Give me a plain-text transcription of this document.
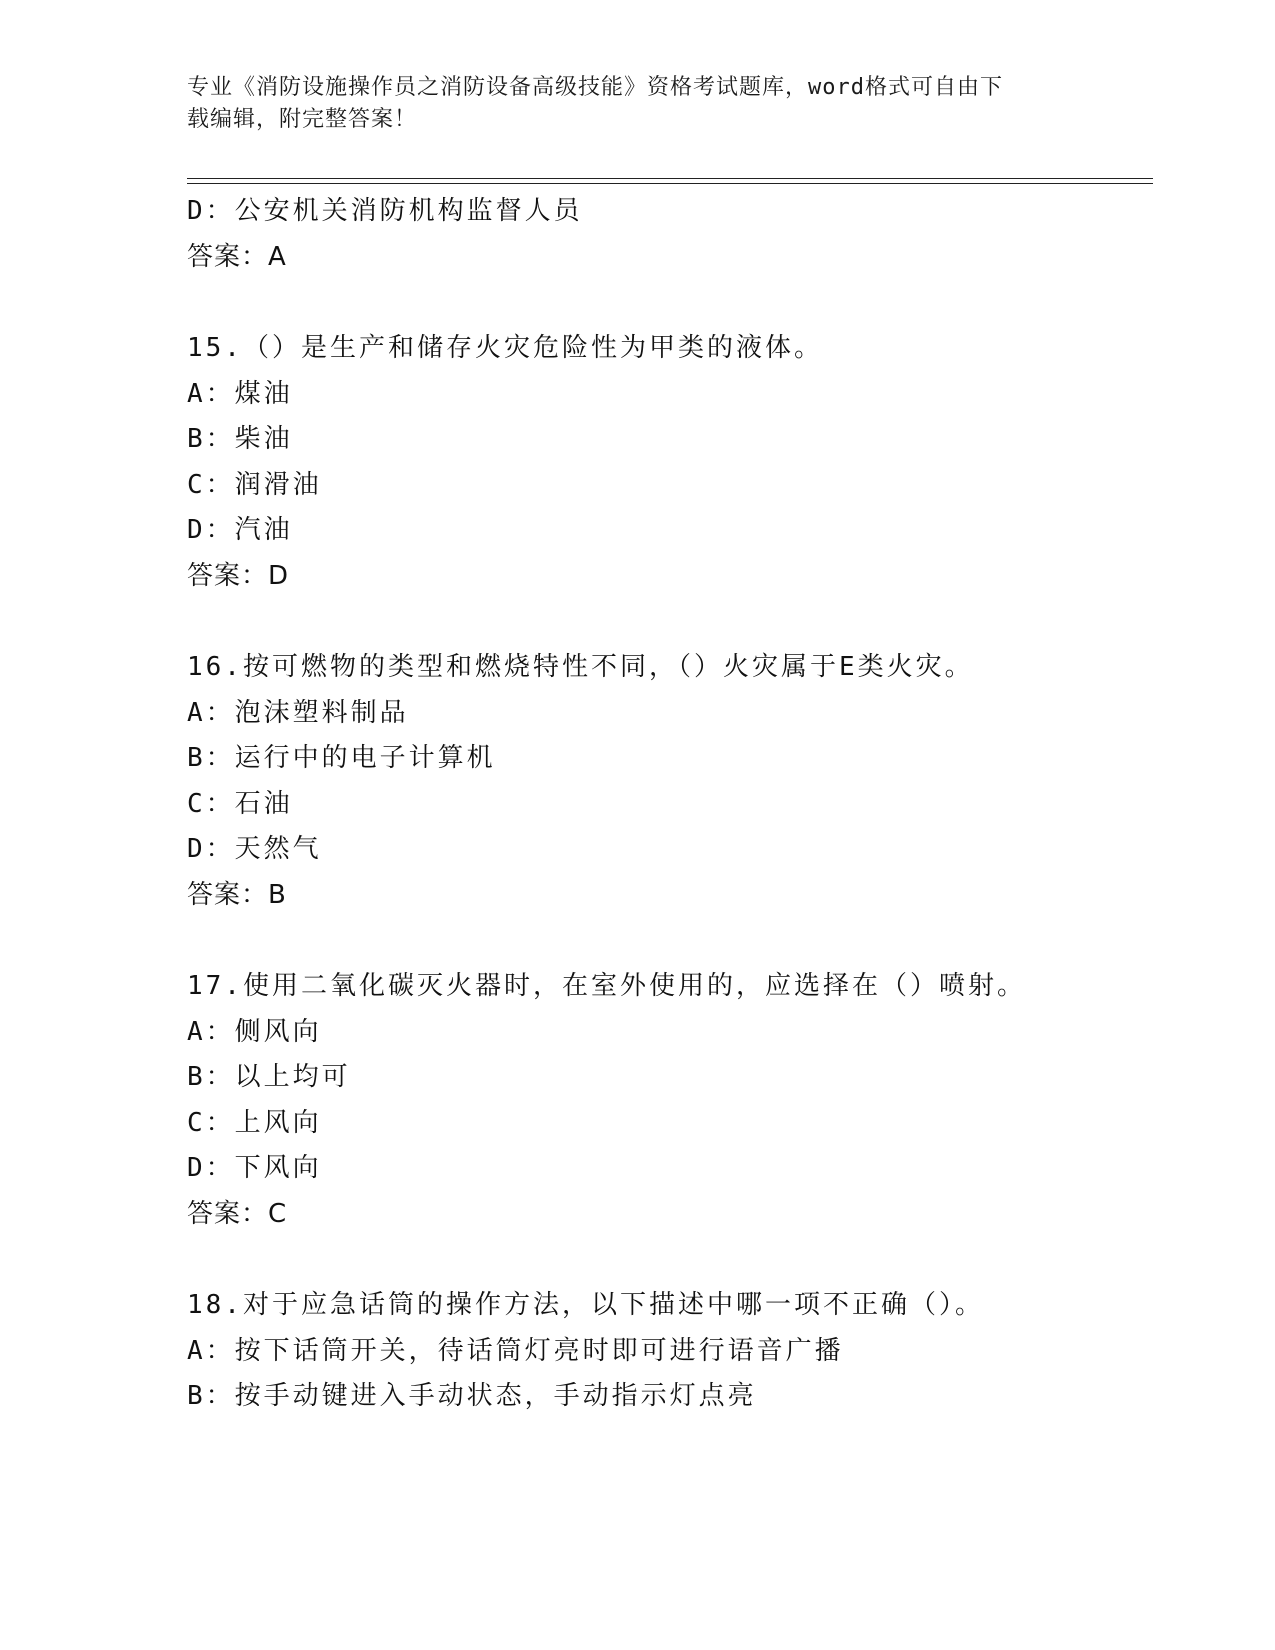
专业《消防设施操作员之消防设备高级技能》资格考试题库，word格式可自由下
载编辑，附完整答案！
D：公安机关消防机构监督人员
答案：A
15.（）是生产和储存火灾危险性为甲类的液体。
A：煤油
B：柴油
C：润滑油
D：汽油
答案：D
16.按可燃物的类型和燃烧特性不同，（）火灾属于E类火灾。
A：泡沫塑料制品
B：运行中的电子计算机
C：石油
D：天然气
答案：B
17.使用二氧化碳灭火器时，在室外使用的，应选择在（）喷射。
A：侧风向
B：以上均可
C：上风向
D：下风向
答案：C
18.对于应急话筒的操作方法，以下描述中哪一项不正确（）。
A：按下话筒开关，待话筒灯亮时即可进行语音广播
B：按手动键进入手动状态，手动指示灯点亮
